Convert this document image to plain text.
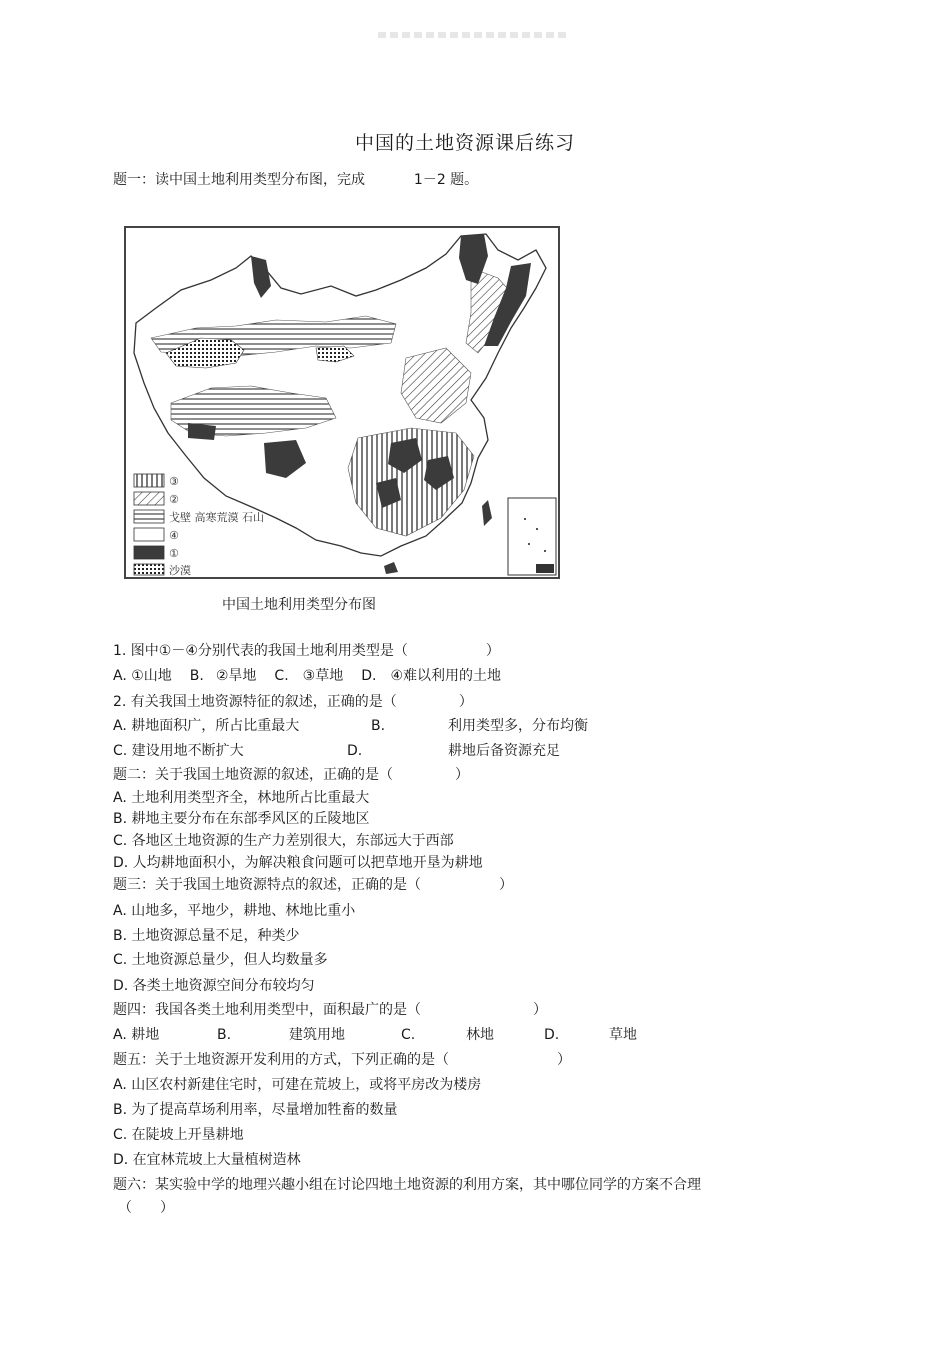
中国的土地资源课后练习
题一：读中国土地利用类型分布图，完成	1－2 题。
③
②
戈壁 高寒荒漠 石山
④
①
沙漠
中国土地利用类型分布图
1. 图中①－④分别代表的我国土地利用类型是（	）
A. ①山地 B. ②旱地 C. ③草地 D. ④难以利用的土地
2. 有关我国土地资源特征的叙述，正确的是（	）
A. 耕地面积广，所占比重最大	B.	利用类型多，分布均衡
C. 建设用地不断扩大	D.	耕地后备资源充足
题二：关于我国土地资源的叙述，正确的是（	）
A. 土地利用类型齐全，林地所占比重最大
B. 耕地主要分布在东部季风区的丘陵地区
C. 各地区土地资源的生产力差别很大，东部远大于西部
D. 人均耕地面积小，为解决粮食问题可以把草地开垦为耕地
题三：关于我国土地资源特点的叙述，正确的是（	）
A. 山地多，平地少，耕地、林地比重小
B. 土地资源总量不足，种类少
C. 土地资源总量少，但人均数量多
D. 各类土地资源空间分布较均匀
题四：我国各类土地利用类型中，面积最广的是（	）
A. 耕地	B.	建筑用地	C.	林地	D.	草地
题五：关于土地资源开发利用的方式，下列正确的是（	）
A. 山区农村新建住宅时，可建在荒坡上，或将平房改为楼房
B. 为了提高草场利用率，尽量增加牲畜的数量
C. 在陡坡上开垦耕地
D. 在宜林荒坡上大量植树造林
题六：某实验中学的地理兴趣小组在讨论四地土地资源的利用方案，其中哪位同学的方案不合理
（　　）
